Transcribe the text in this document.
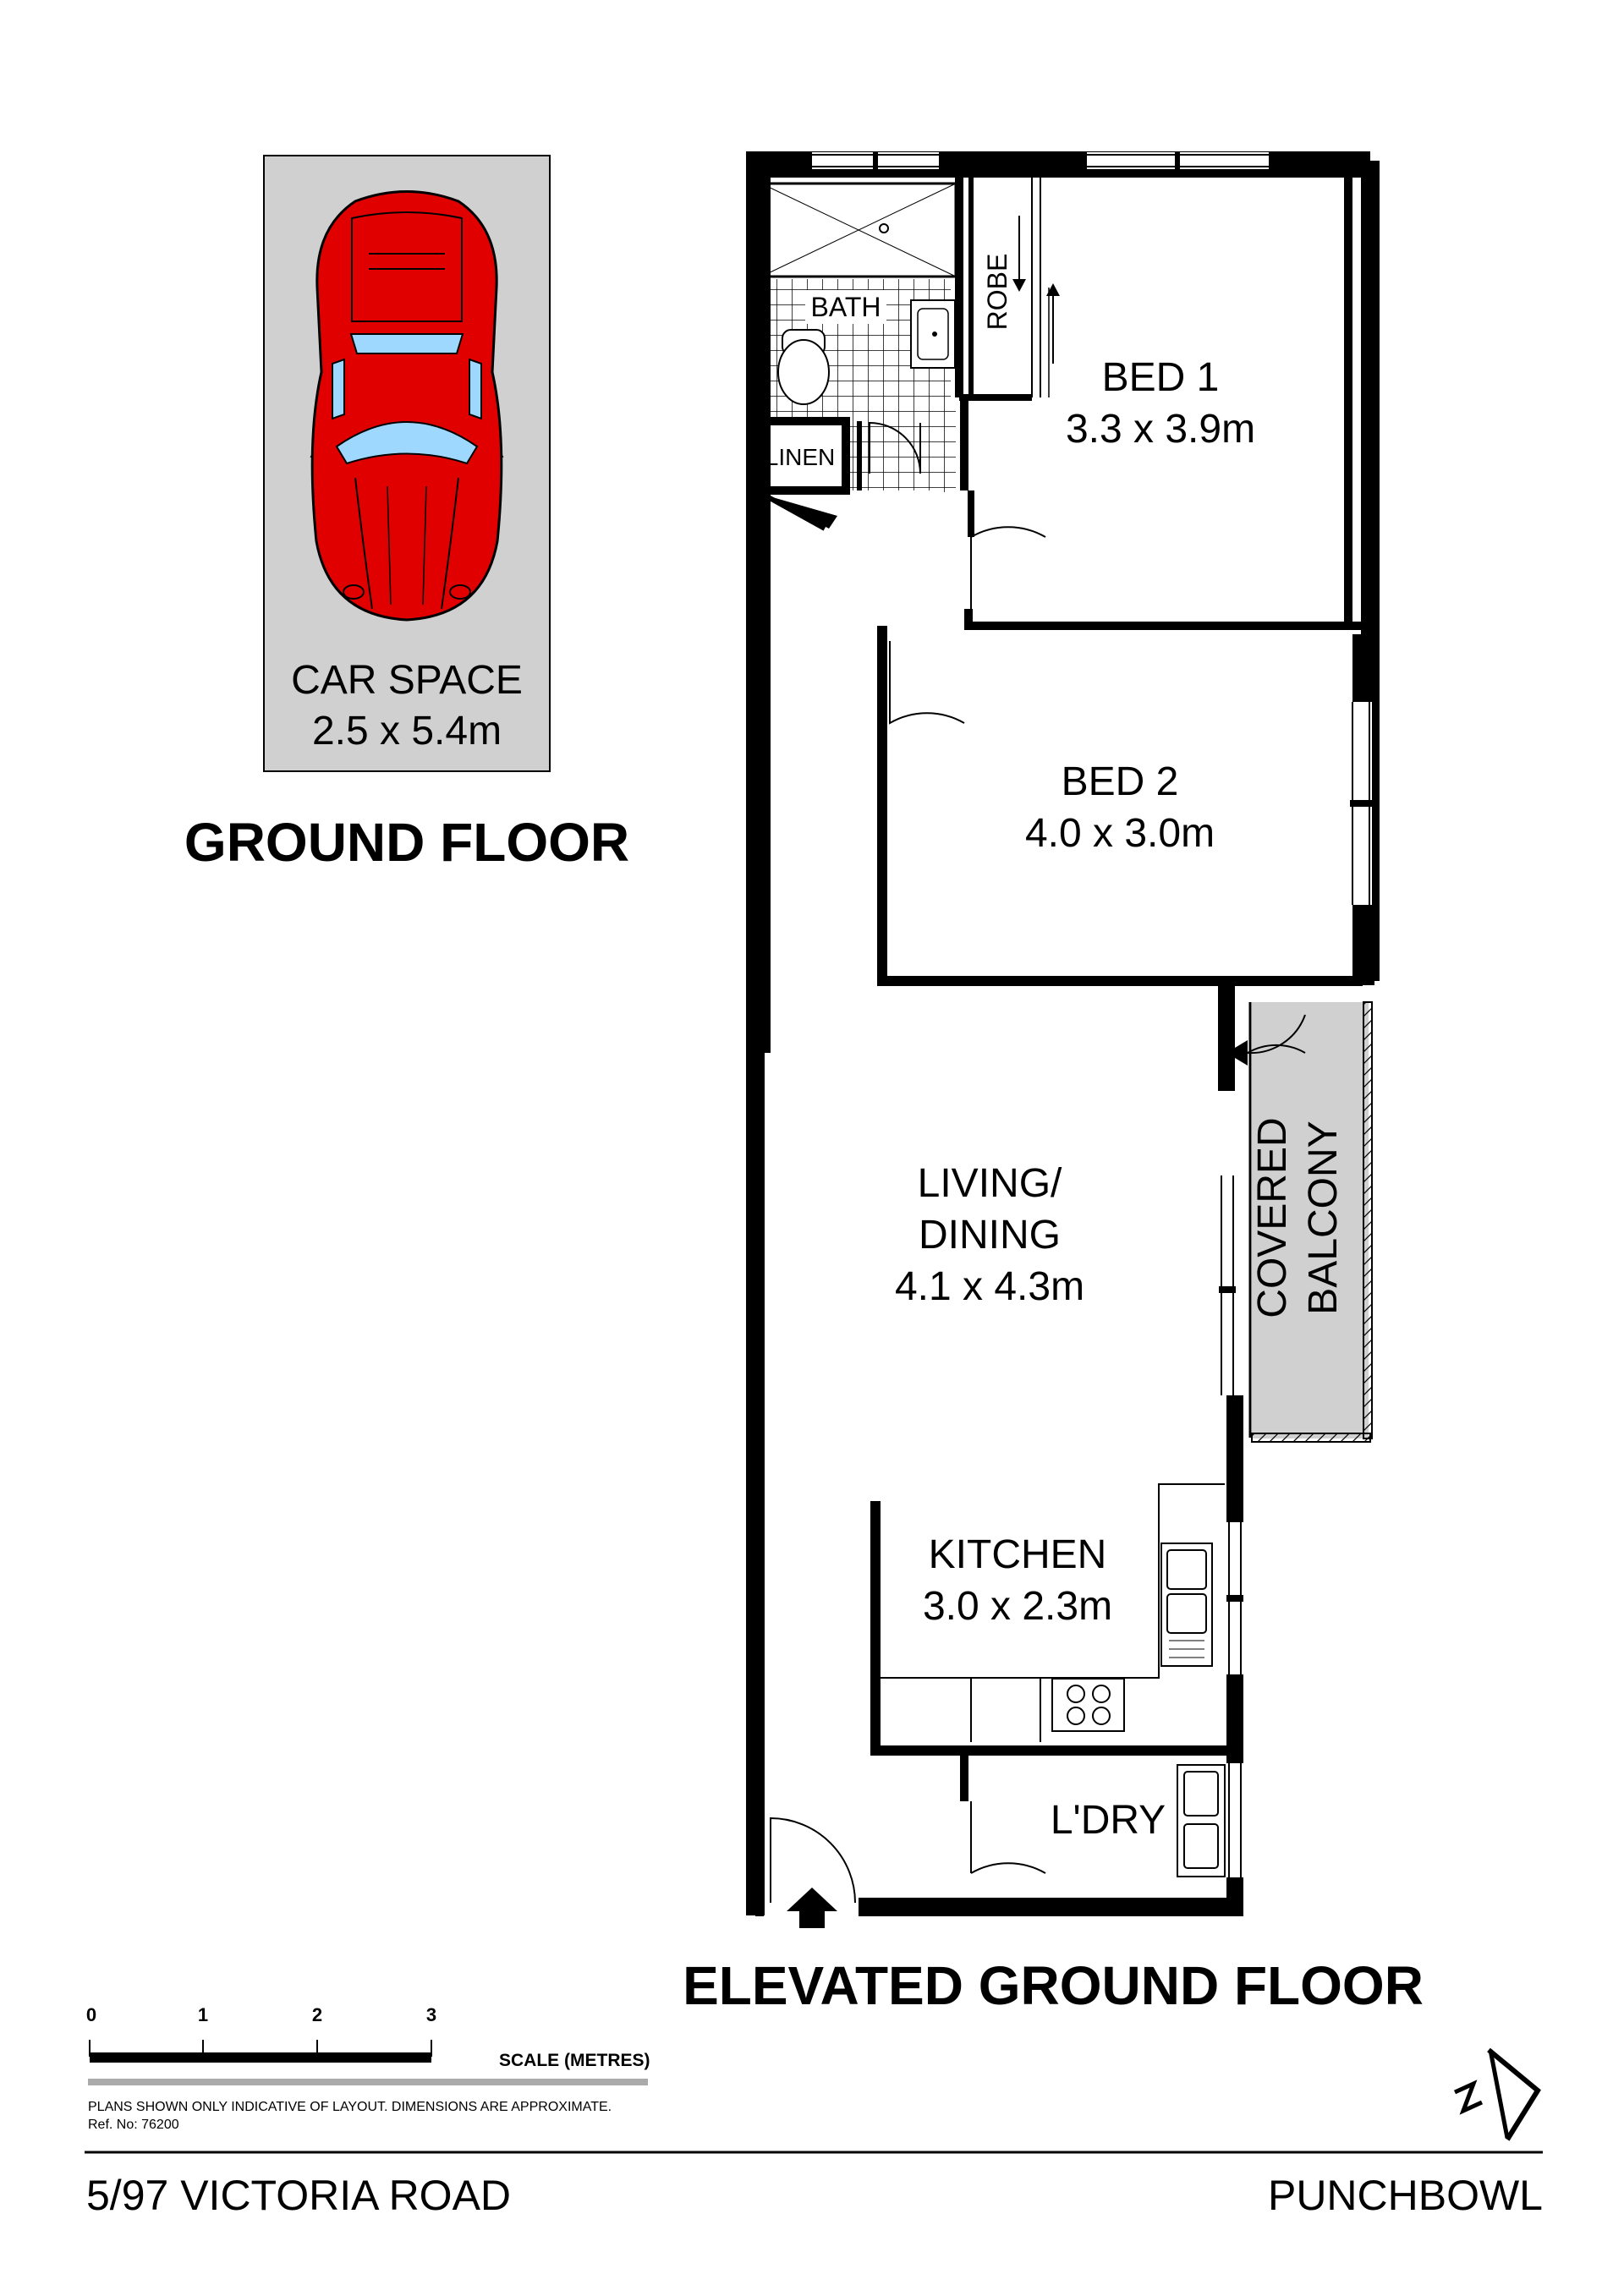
CAR SPACE
2.5 x 5.4m
GROUND FLOOR
BATH	ROBE
LINEN
BED 1
3.3 x 3.9m
BED 2
4.0 x 3.0m
LIVING/
DINING
4.1 x 4.3m
KITCHEN
3.0 x 2.3m
L'DRY
COVERED BALCONY
ELEVATED GROUND FLOOR
0	1	2	3
SCALE (METRES)
PLANS SHOWN ONLY INDICATIVE OF LAYOUT. DIMENSIONS ARE APPROXIMATE.
Ref. No: 76200
5/97 VICTORIA ROAD	PUNCHBOWL
